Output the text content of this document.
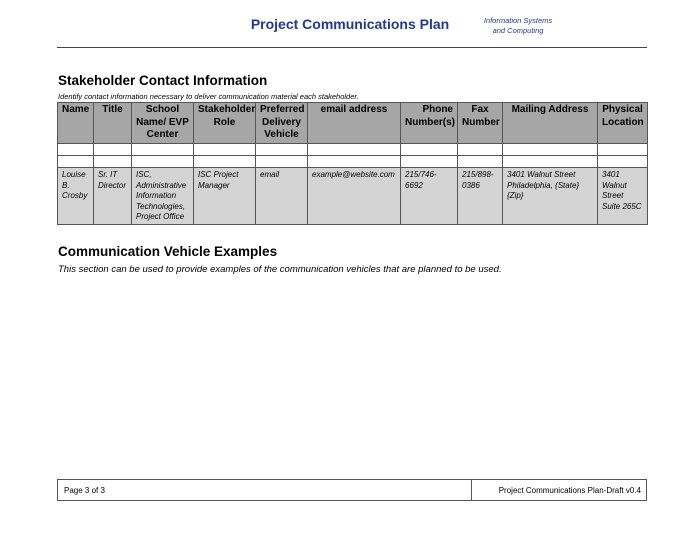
Project Communications Plan	Information Systems
and Computing
Stakeholder Contact Information
Identify contact information necessary to deliver communication material each stakeholder.
Name	Title	School Name/ EVP Center	Stakeholder Role	Preferred Delivery Vehicle	email address	Phone Number(s)	Fax Number	Mailing Address	Physical Location

Louise B. Crosby	Sr. IT Director	ISC, Administrative Information Technologies, Project Office	ISC Project Manager	email	example@website.com	215/746-6692	215/898-0386	3401 Walnut Street Philadelphia, {State} {Zip}	3401 Walnut Street Suite 265C
Communication Vehicle Examples
This section can be used to provide examples of the communication vehicles that are planned to be used.
Page 3 of 3	Project Communications Plan-Draft v0.4
